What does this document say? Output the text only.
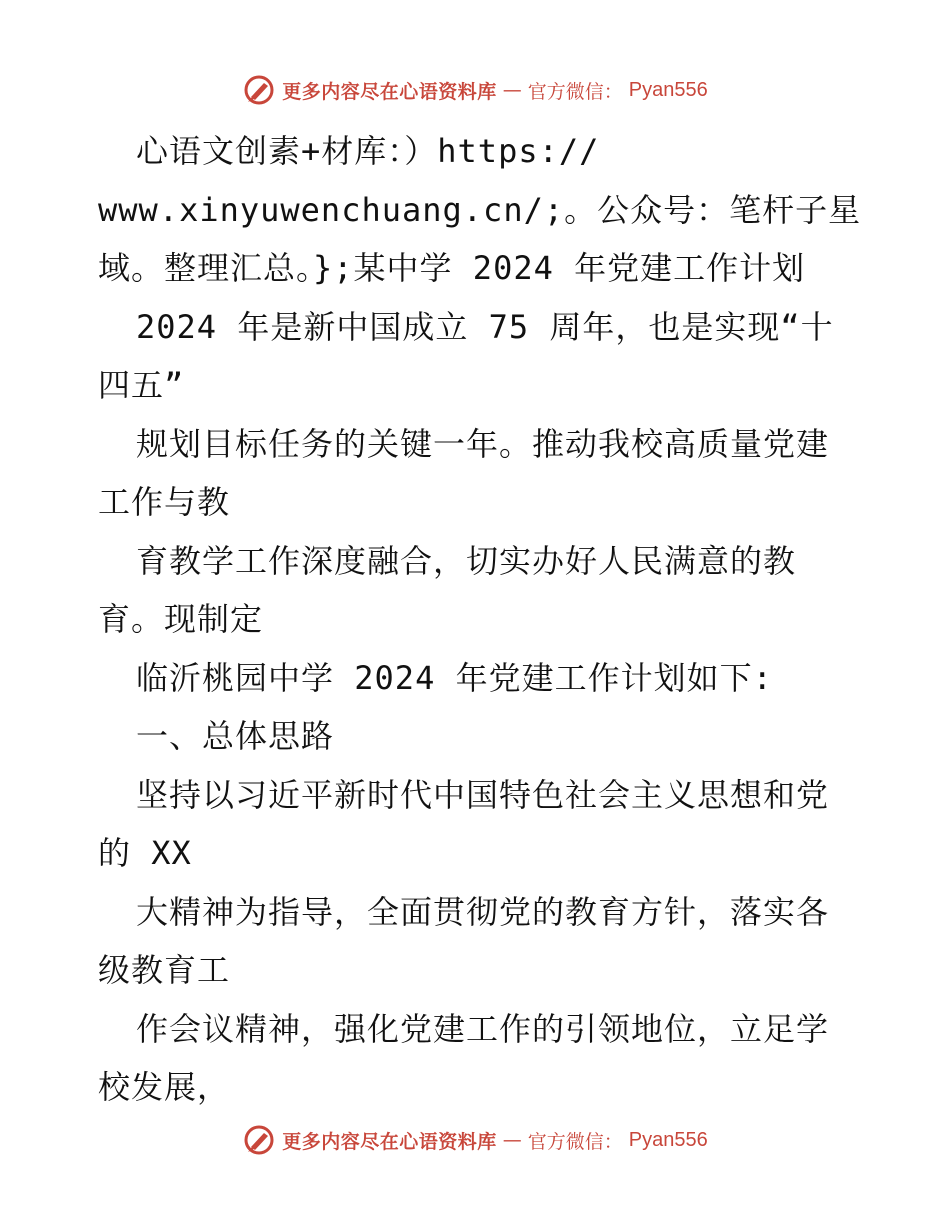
更多内容尽在心语资料库 — 官方微信： Pyan556
心语文创素+材库：）https://
www.xinyuwenchuang.cn/;。公众号：笔杆子星
域。整理汇总。};某中学 2024 年党建工作计划
2024 年是新中国成立 75 周年，也是实现“十
四五”
规划目标任务的关键一年。推动我校高质量党建
工作与教
育教学工作深度融合，切实办好人民满意的教
育。现制定
临沂桃园中学 2024 年党建工作计划如下:
一、总体思路
坚持以习近平新时代中国特色社会主义思想和党
的 XX
大精神为指导，全面贯彻党的教育方针，落实各
级教育工
作会议精神，强化党建工作的引领地位，立足学
校发展，
更多内容尽在心语资料库 — 官方微信： Pyan556
